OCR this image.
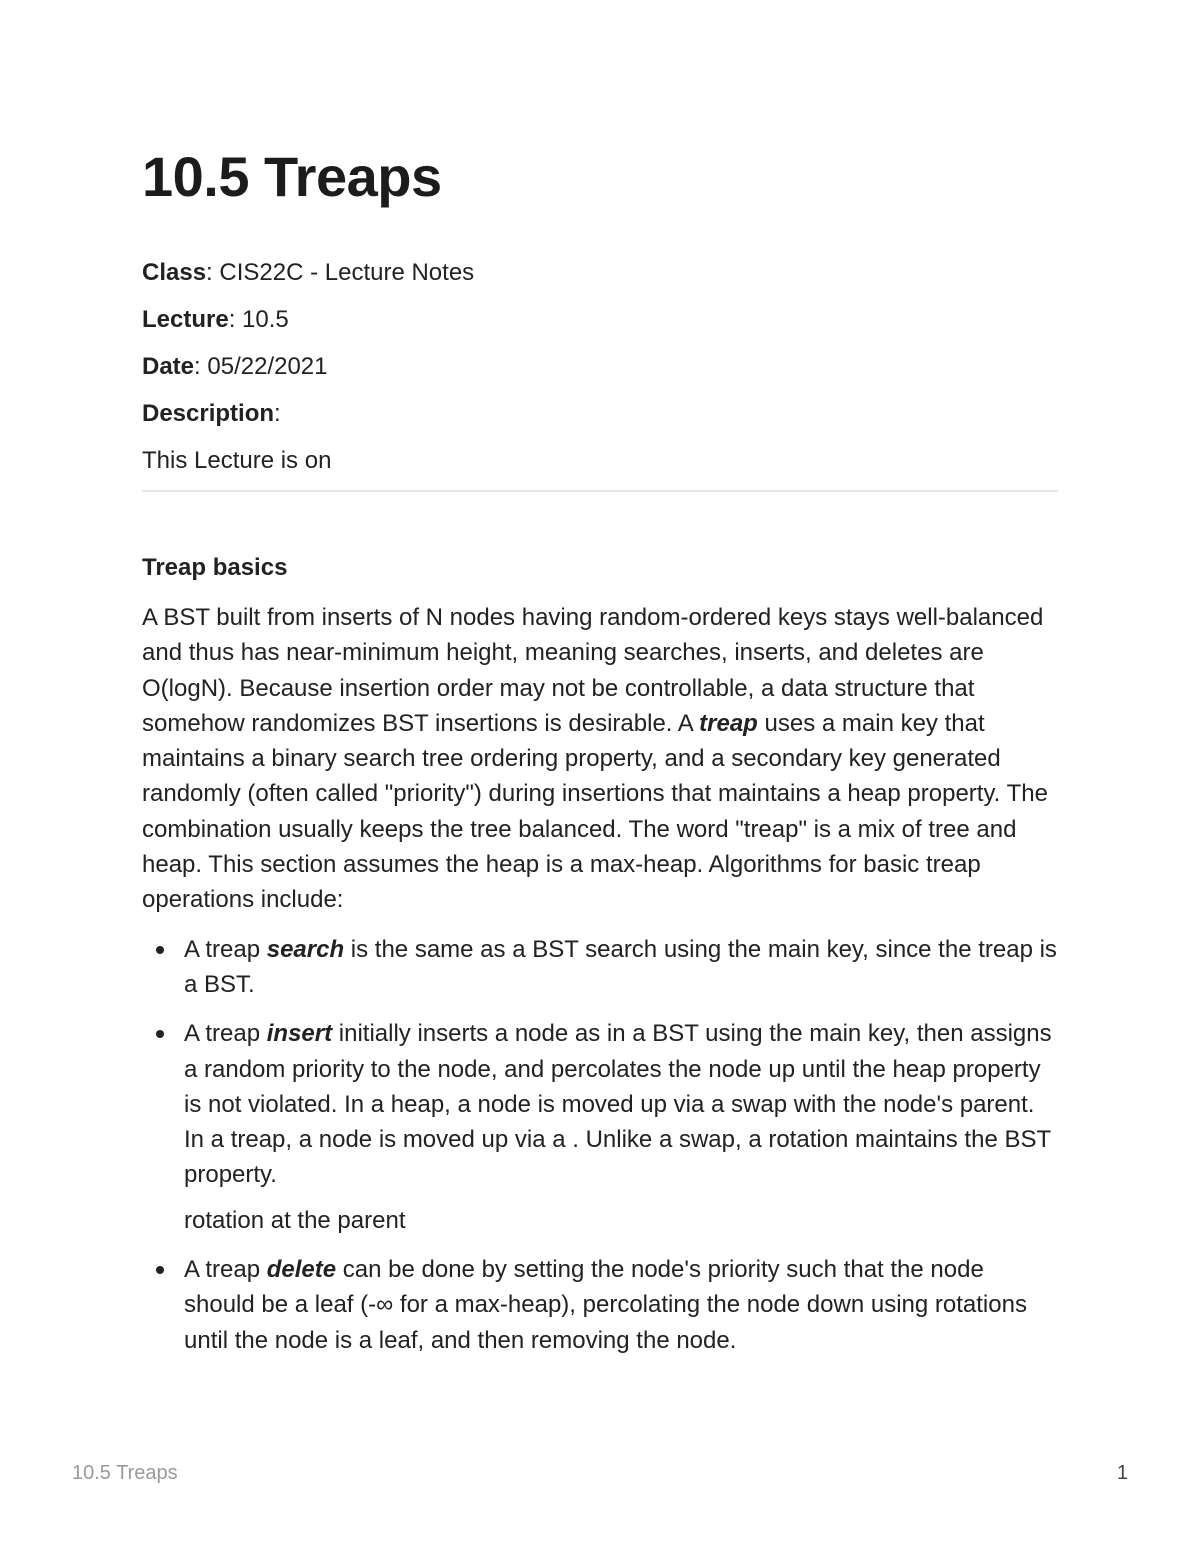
10.5 Treaps

Class: CIS22C - Lecture Notes

Lecture: 10.5

Date: 05/22/2021

Description:

This Lecture is on

Treap basics

A BST built from inserts of N nodes having random-ordered keys stays well-balanced and thus has near-minimum height, meaning searches, inserts, and deletes are O(logN). Because insertion order may not be controllable, a data structure that somehow randomizes BST insertions is desirable. A treap uses a main key that maintains a binary search tree ordering property, and a secondary key generated randomly (often called "priority") during insertions that maintains a heap property. The combination usually keeps the tree balanced. The word "treap" is a mix of tree and heap. This section assumes the heap is a max-heap. Algorithms for basic treap operations include:

A treap search is the same as a BST search using the main key, since the treap is a BST.
A treap insert initially inserts a node as in a BST using the main key, then assigns a random priority to the node, and percolates the node up until the heap property is not violated. In a heap, a node is moved up via a swap with the node's parent. In a treap, a node is moved up via a . Unlike a swap, a rotation maintains the BST property.
rotation at the parent
A treap delete can be done by setting the node's priority such that the node should be a leaf (-∞ for a max-heap), percolating the node down using rotations until the node is a leaf, and then removing the node.
10.5 Treaps	1
